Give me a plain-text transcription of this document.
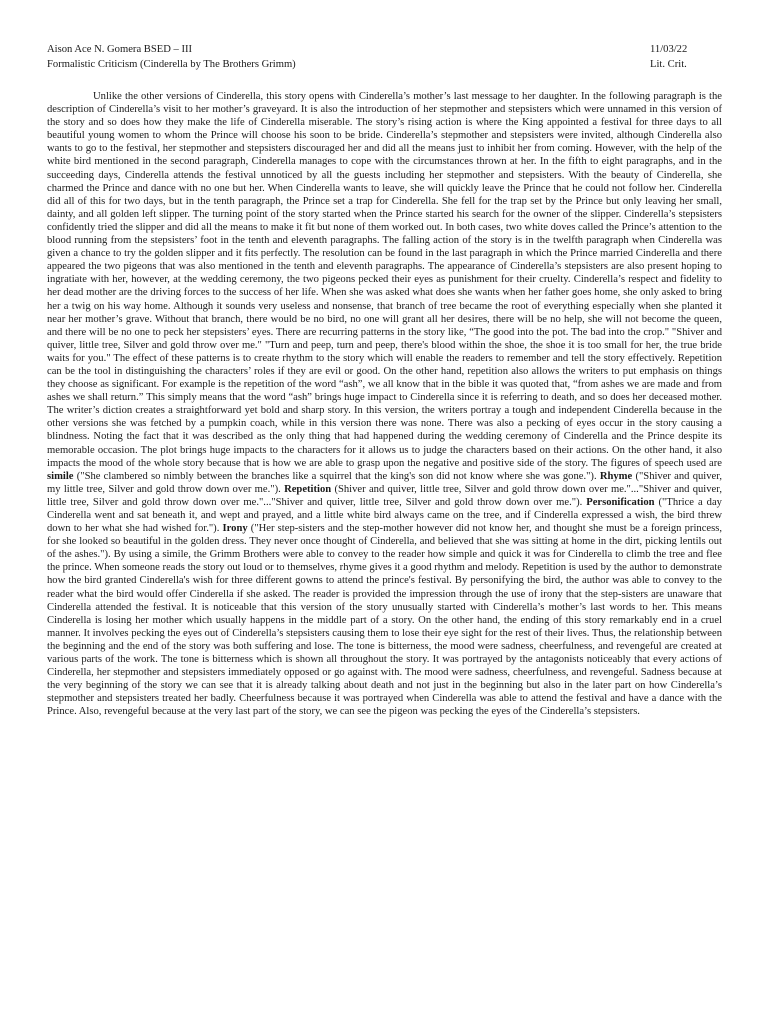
Aison Ace N. Gomera BSED – III	11/03/22
Formalistic Criticism (Cinderella by The Brothers Grimm)	Lit. Crit.

Unlike the other versions of Cinderella, this story opens with Cinderella’s mother’s last message to her daughter. In the following paragraph is the description of Cinderella’s visit to her mother’s graveyard. It is also the introduction of her stepmother and stepsisters which were unnamed in this version of the story and so does how they make the life of Cinderella miserable. The story’s rising action is where the King appointed a festival for three days to all beautiful young women to whom the Prince will choose his soon to be bride. Cinderella’s stepmother and stepsisters were invited, although Cinderella also wants to go to the festival, her stepmother and stepsisters discouraged her and did all the means just to inhibit her from coming. However, with the help of the white bird mentioned in the second paragraph, Cinderella manages to cope with the circumstances thrown at her. In the fifth to eight paragraphs, and in the succeeding days, Cinderella attends the festival unnoticed by all the guests including her stepmother and stepsisters. With the beauty of Cinderella, she charmed the Prince and dance with no one but her. When Cinderella wants to leave, she will quickly leave the Prince that he could not follow her. Cinderella did all of this for two days, but in the tenth paragraph, the Prince set a trap for Cinderella. She fell for the trap set by the Prince but only leaving her small, dainty, and all golden left slipper. The turning point of the story started when the Prince started his search for the owner of the slipper. Cinderella’s stepsisters confidently tried the slipper and did all the means to make it fit but none of them worked out. In both cases, two white doves called the Prince’s attention to the blood running from the stepsisters’ foot in the tenth and eleventh paragraphs. The falling action of the story is in the twelfth paragraph when Cinderella was given a chance to try the golden slipper and it fits perfectly. The resolution can be found in the last paragraph in which the Prince married Cinderella and there appeared the two pigeons that was also mentioned in the tenth and eleventh paragraphs. The appearance of Cinderella’s stepsisters are also present hoping to ingratiate with her, however, at the wedding ceremony, the two pigeons pecked their eyes as punishment for their cruelty. Cinderella’s respect and fidelity to her dead mother are the driving forces to the success of her life. When she was asked what does she wants when her father goes home, she only asked to bring her a twig on his way home. Although it sounds very useless and nonsense, that branch of tree became the root of everything especially when she planted it near her mother’s grave. Without that branch, there would be no bird, no one will grant all her desires, there will be no help, she will not become the queen, and there will be no one to peck her stepsisters’ eyes. There are recurring patterns in the story like, “The good into the pot. The bad into the crop." "Shiver and quiver, little tree, Silver and gold throw over me." "Turn and peep, turn and peep, there's blood within the shoe, the shoe it is too small for her, the true bride waits for you." The effect of these patterns is to create rhythm to the story which will enable the readers to remember and tell the story effectively. Repetition can be the tool in distinguishing the characters’ roles if they are evil or good. On the other hand, repetition also allows the writers to put emphasis on things they choose as significant. For example is the repetition of the word “ash”, we all know that in the bible it was quoted that, “from ashes we are made and from ashes we shall return.” This simply means that the word “ash” brings huge impact to Cinderella since it is referring to death, and so does her deceased mother. The writer’s diction creates a straightforward yet bold and sharp story. In this version, the writers portray a tough and independent Cinderella because in the other versions she was fetched by a pumpkin coach, while in this version there was none. There was also a pecking of eyes occur in the story causing a blindness. Noting the fact that it was described as the only thing that had happened during the wedding ceremony of Cinderella and the Prince despite its memorable occasion. The plot brings huge impacts to the characters for it allows us to judge the characters based on their actions. On the other hand, it also impacts the mood of the whole story because that is how we are able to grasp upon the negative and positive side of the story. The figures of speech used are simile ("She clambered so nimbly between the branches like a squirrel that the king's son did not know where she was gone."). Rhyme ("Shiver and quiver, my little tree, Silver and gold throw down over me."). Repetition (Shiver and quiver, little tree, Silver and gold throw down over me."..."Shiver and quiver, little tree, Silver and gold throw down over me."..."Shiver and quiver, little tree, Silver and gold throw down over me."). Personification ("Thrice a day Cinderella went and sat beneath it, and wept and prayed, and a little white bird always came on the tree, and if Cinderella expressed a wish, the bird threw down to her what she had wished for."). Irony ("Her step-sisters and the step-mother however did not know her, and thought she must be a foreign princess, for she looked so beautiful in the golden dress. They never once thought of Cinderella, and believed that she was sitting at home in the dirt, picking lentils out of the ashes."). By using a simile, the Grimm Brothers were able to convey to the reader how simple and quick it was for Cinderella to climb the tree and flee the prince. When someone reads the story out loud or to themselves, rhyme gives it a good rhythm and melody. Repetition is used by the author to demonstrate how the bird granted Cinderella's wish for three different gowns to attend the prince's festival. By personifying the bird, the author was able to convey to the reader what the bird would offer Cinderella if she asked. The reader is provided the impression through the use of irony that the step-sisters are unaware that Cinderella attended the festival. It is noticeable that this version of the story unusually started with Cinderella’s mother’s last words to her. This means Cinderella is losing her mother which usually happens in the middle part of a story. On the other hand, the ending of this story remarkably end in a cruel manner. It involves pecking the eyes out of Cinderella’s stepsisters causing them to lose their eye sight for the rest of their lives. Thus, the relationship between the beginning and the end of the story was both suffering and lose. The tone is bitterness, the mood were sadness, cheerfulness, and revengeful are created at various parts of the work. The tone is bitterness which is shown all throughout the story. It was portrayed by the antagonists noticeably that every actions of Cinderella, her stepmother and stepsisters immediately opposed or go against with. The mood were sadness, cheerfulness, and revengeful. Sadness because at the very beginning of the story we can see that it is already talking about death and not just in the beginning but also in the later part on how Cinderella’s stepmother and stepsisters treated her badly. Cheerfulness because it was portrayed when Cinderella was able to attend the festival and have a dance with the Prince. Also, revengeful because at the very last part of the story, we can see the pigeon was pecking the eyes of the Cinderella’s stepsisters.
